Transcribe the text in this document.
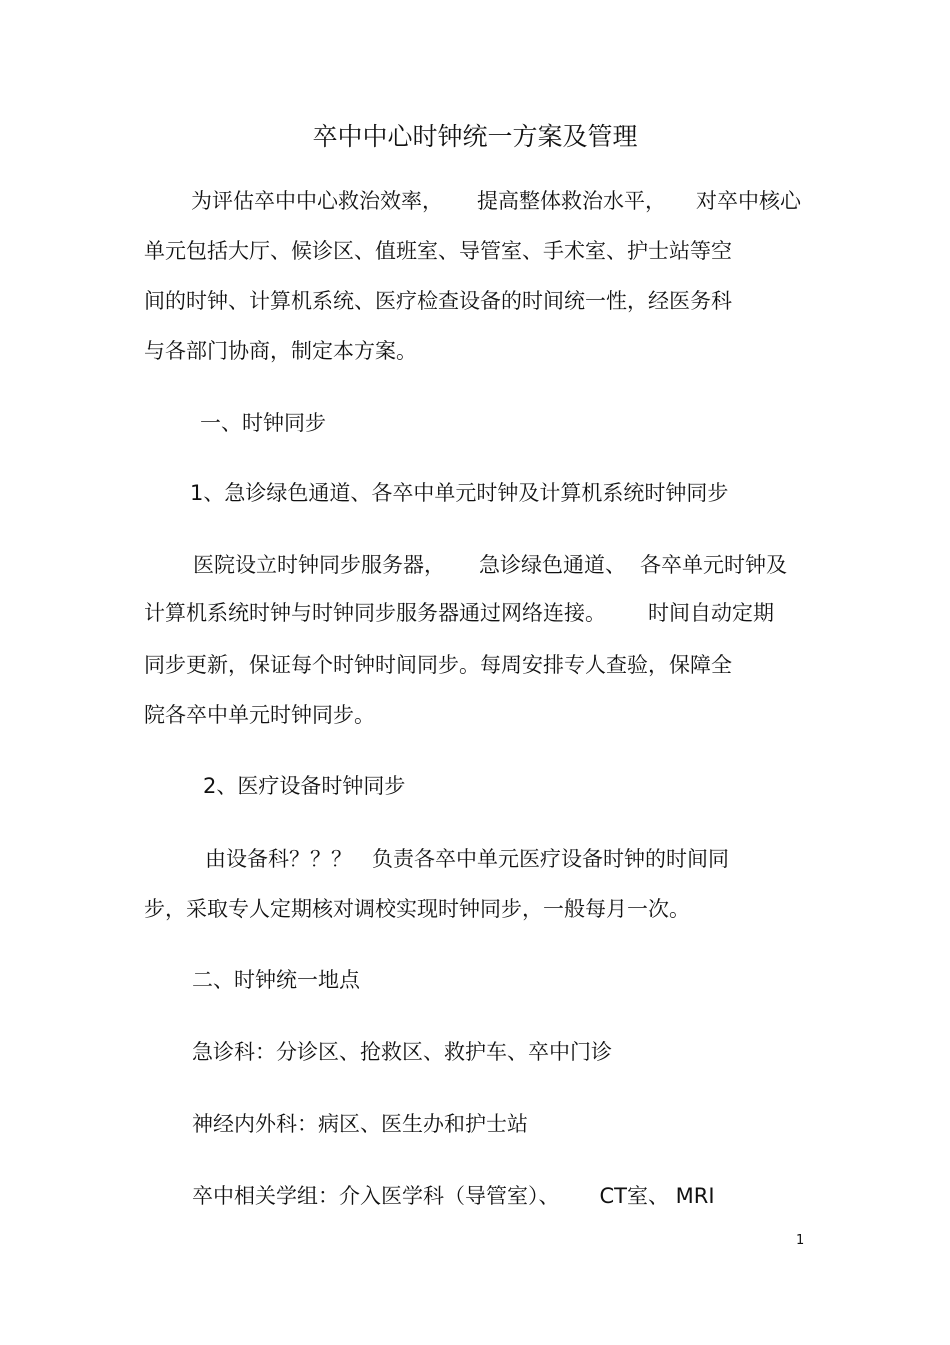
卒中中心时钟统一方案及管理

为评估卒中中心救治效率， 提高整体救治水平， 对卒中核心

单元包括大厅、候诊区、值班室、导管室、手术室、护士站等空

间的时钟、计算机系统、医疗检查设备的时间统一性，经医务科

与各部门协商，制定本方案。

一、时钟同步

1、急诊绿色通道、各卒中单元时钟及计算机系统时钟同步

医院设立时钟同步服务器， 急诊绿色通道、 各卒单元时钟及

计算机系统时钟与时钟同步服务器通过网络连接。 时间自动定期

同步更新，保证每个时钟时间同步。每周安排专人查验，保障全

院各卒中单元时钟同步。

2、医疗设备时钟同步

由设备科？？？ 负责各卒中单元医疗设备时钟的时间同

步，采取专人定期核对调校实现时钟同步，一般每月一次。

二、时钟统一地点

急诊科：分诊区、抢救区、救护车、卒中门诊

神经内外科：病区、医生办和护士站

卒中相关学组：介入医学科（导管室）、 CT室、 MRI

1
